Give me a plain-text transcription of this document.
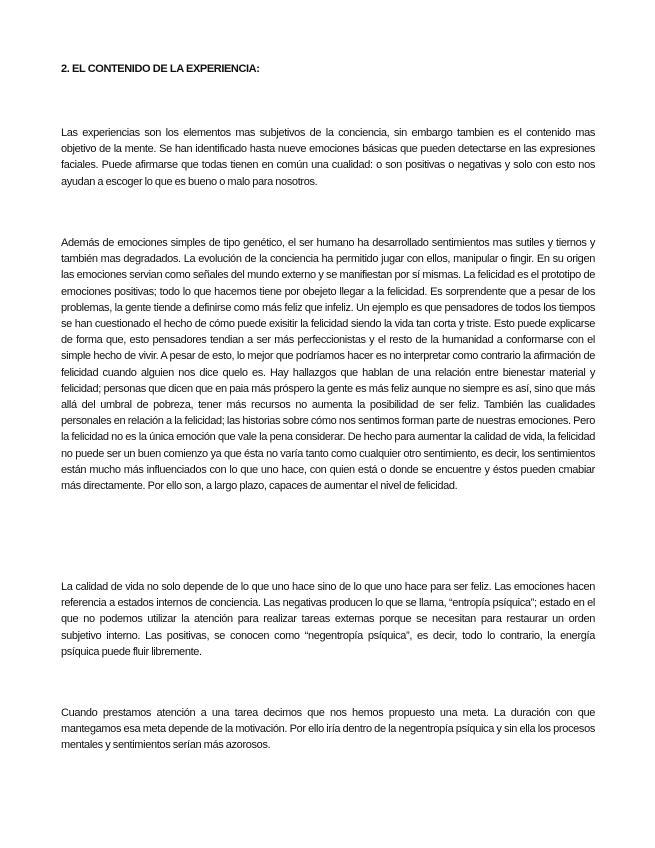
2. EL CONTENIDO DE LA EXPERIENCIA:

Las experiencias son los elementos mas subjetivos de la conciencia, sin embargo tambien es el contenido mas objetivo de la mente. Se han identificado hasta nueve emociones básicas que pueden detectarse en las expresiones faciales. Puede afirmarse que todas tienen en común una cualidad: o son positivas o negativas y solo con esto nos ayudan a escoger lo que es bueno o malo para nosotros.

Además de emociones simples de tipo genético, el ser humano ha desarrollado sentimientos mas sutiles y tiernos y también mas degradados. La evolución de la conciencia ha permitido jugar con ellos, manipular o fingir. En su origen las emociones servian como señales del mundo externo y se manifiestan por sí mismas. La felicidad es el prototipo de emociones positivas; todo lo que hacemos tiene por obejeto llegar a la felicidad. Es sorprendente que a pesar de los problemas, la gente tiende a definirse como más feliz que infeliz. Un ejemplo es que pensadores de todos los tiempos se han cuestionado el hecho de cómo puede exisitir la felicidad siendo la vida tan corta y triste. Esto puede explicarse de forma que, esto pensadores tendian a ser más perfeccionistas y el resto de la humanidad a conformarse con el simple hecho de vivir. A pesar de esto, lo mejor que podríamos hacer es no interpretar como contrario la afirmación de felicidad cuando alguien nos dice quelo es. Hay hallazgos que hablan de una relación entre bienestar material y felicidad; personas que dicen que en paia más próspero la gente es más feliz aunque no siempre es así, sino que más allá del umbral de pobreza, tener más recursos no aumenta la posibilidad de ser feliz. También las cualidades personales en relación a la felicidad; las historias sobre cómo nos sentimos forman parte de nuestras emociones. Pero la felicidad no es la única emoción que vale la pena considerar. De hecho para aumentar la calidad de vida, la felicidad no puede ser un buen comienzo ya que ésta no varía tanto como cualquier otro sentimiento, es decir, los sentimientos están mucho más influenciados con lo que uno hace, con quien está o donde se encuentre y éstos pueden cmabiar más directamente. Por ello son, a largo plazo, capaces de aumentar el nivel de felicidad.

La calidad de vida no solo depende de lo que uno hace sino de lo que uno hace para ser feliz. Las emociones hacen referencia a estados internos de conciencia. Las negativas producen lo que se llama, “entropía psíquica”; estado en el que no podemos utilizar la atención para realizar tareas externas porque se necesitan para restaurar un orden subjetivo interno. Las positivas, se conocen como “negentropía psíquica”, es decir, todo lo contrario, la energía psíquica puede fluir libremente.

Cuando prestamos atención a una tarea decimos que nos hemos propuesto una meta. La duración con que mantegamos esa meta depende de la motivación. Por ello iría dentro de la negentropía psíquica y sin ella los procesos mentales y sentimientos serían más azorosos.
